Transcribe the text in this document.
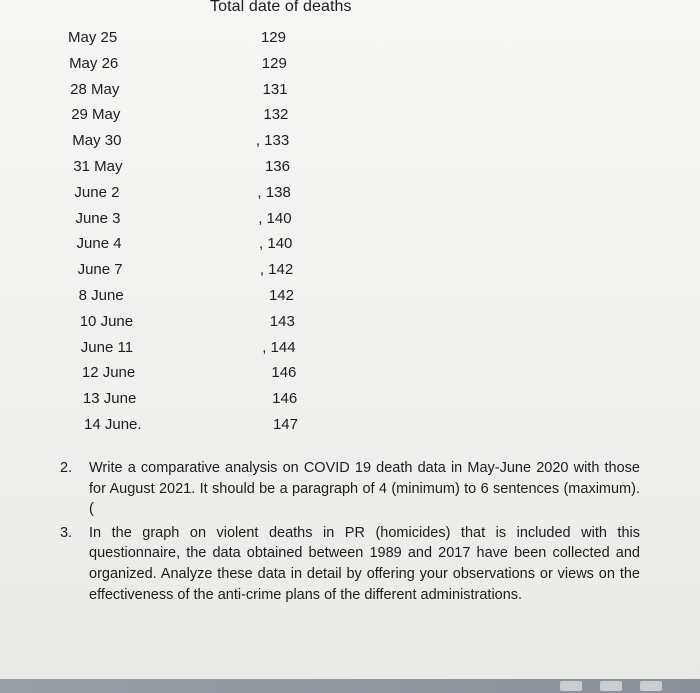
Total date of deaths
May 25	129
May 26	129
28 May	131
29 May	132
May 30	, 133
31 May	136
June 2	, 138
June 3	, 140
June 4	, 140
June 7	, 142
8 June	142
10 June	143
June 11	, 144
12 June	146
13 June	146
14 June.	147
2. Write a comparative analysis on COVID 19 death data in May-June 2020 with those for August 2021. It should be a paragraph of 4 (minimum) to 6 sentences (maximum). (
3. In the graph on violent deaths in PR (homicides) that is included with this questionnaire, the data obtained between 1989 and 2017 have been collected and organized. Analyze these data in detail by offering your observations or views on the effectiveness of the anti-crime plans of the different administrations.
